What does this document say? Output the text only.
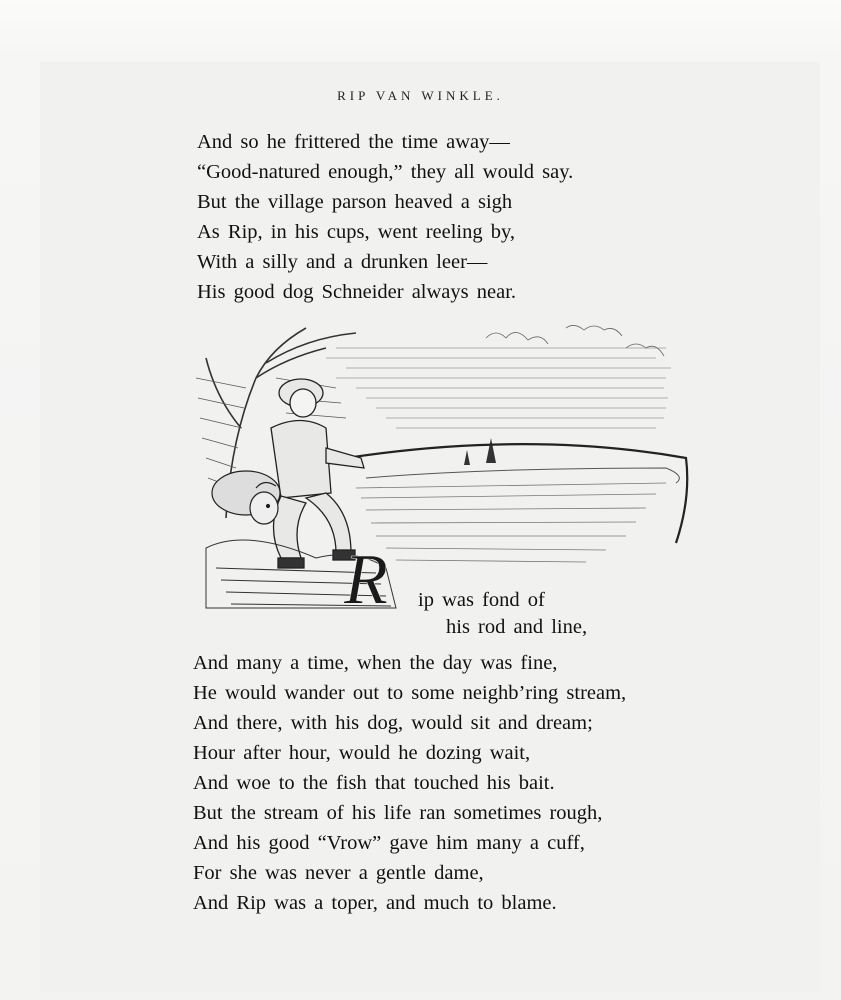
RIP VAN WINKLE.
And so he frittered the time away—
“Good-natured enough,” they all would say.
But the village parson heaved a sigh
As Rip, in his cups, went reeling by,
With a silly and a drunken leer—
His good dog Schneider always near.
R ip was fond of
his rod and line,
And many a time, when the day was fine,
He would wander out to some neighb’ring stream,
And there, with his dog, would sit and dream;
Hour after hour, would he dozing wait,
And woe to the fish that touched his bait.
But the stream of his life ran sometimes rough,
And his good “Vrow” gave him many a cuff,
For she was never a gentle dame,
And Rip was a toper, and much to blame.
